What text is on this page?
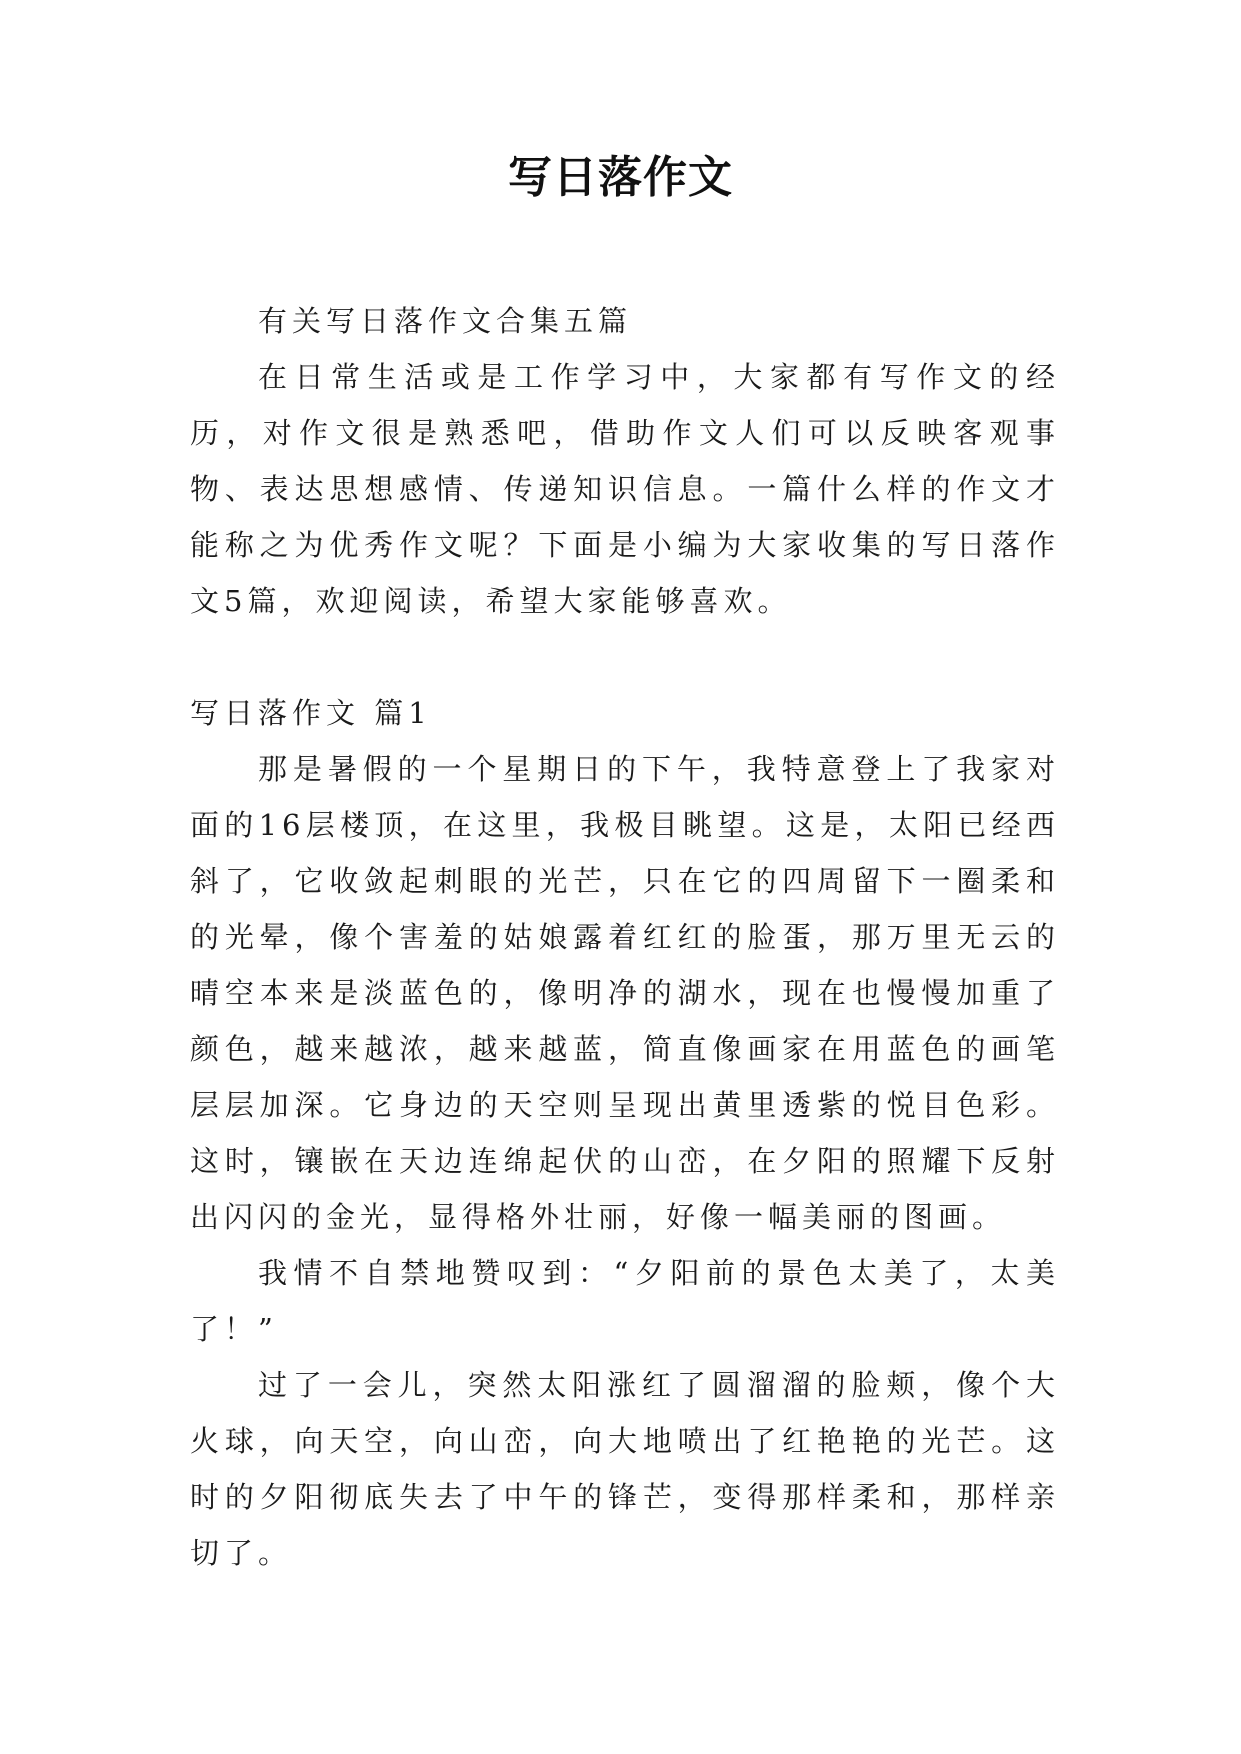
写日落作文

有关写日落作文合集五篇

在日常生活或是工作学习中，大家都有写作文的经历，对作文很是熟悉吧，借助作文人们可以反映客观事物、表达思想感情、传递知识信息。一篇什么样的作文才能称之为优秀作文呢？下面是小编为大家收集的写日落作文5篇，欢迎阅读，希望大家能够喜欢。

写日落作文 篇1

那是暑假的一个星期日的下午，我特意登上了我家对面的16层楼顶，在这里，我极目眺望。这是，太阳已经西斜了，它收敛起刺眼的光芒，只在它的四周留下一圈柔和的光晕，像个害羞的姑娘露着红红的脸蛋，那万里无云的晴空本来是淡蓝色的，像明净的湖水，现在也慢慢加重了颜色，越来越浓，越来越蓝，简直像画家在用蓝色的画笔层层加深。它身边的天空则呈现出黄里透紫的悦目色彩。这时，镶嵌在天边连绵起伏的山峦，在夕阳的照耀下反射出闪闪的金光，显得格外壮丽，好像一幅美丽的图画。

我情不自禁地赞叹到：“夕阳前的景色太美了，太美了！”

过了一会儿，突然太阳涨红了圆溜溜的脸颊，像个大火球，向天空，向山峦，向大地喷出了红艳艳的光芒。这时的夕阳彻底失去了中午的锋芒，变得那样柔和，那样亲切了。
